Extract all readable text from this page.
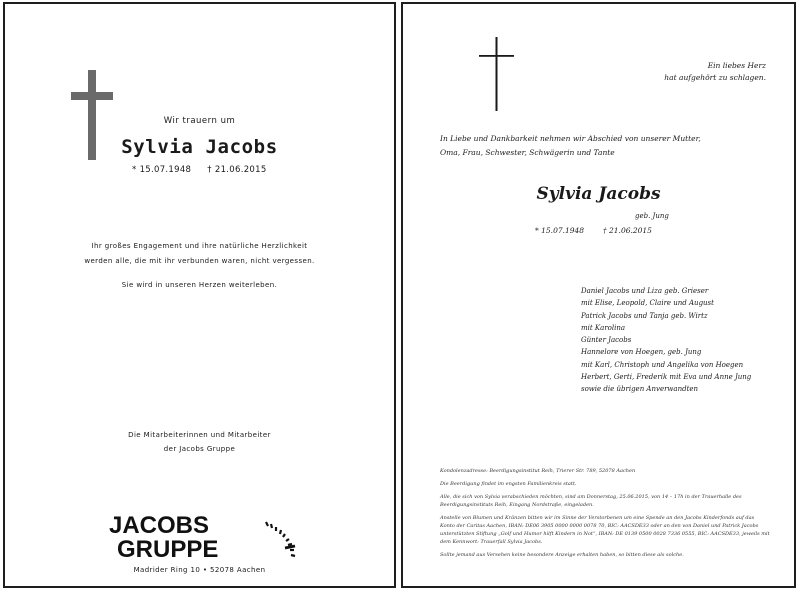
Wir trauern um
Sylvia Jacobs
* 15.07.1948 † 21.06.2015
Ihr großes Engagement und ihre natürliche Herzlichkeit
werden alle, die mit ihr verbunden waren, nicht vergessen.
Sie wird in unseren Herzen weiterleben.
Die Mitarbeiterinnen und Mitarbeiter
der Jacobs Gruppe
JACOBS
GRUPPE
Madrider Ring 10 • 52078 Aachen
Ein liebes Herz
hat aufgehört zu schlagen.
In Liebe und Dankbarkeit nehmen wir Abschied von unserer Mutter,
Oma, Frau, Schwester, Schwägerin und Tante
Sylvia Jacobs
geb. Jung
* 15.07.1948	† 21.06.2015
Daniel Jacobs und Liza geb. Grieser
mit Elise, Leopold, Claire und August
Patrick Jacobs und Tanja geb. Wirtz
mit Karolina
Günter Jacobs
Hannelore von Hoegen, geb. Jung
mit Karl, Christoph und Angelika von Hoegen
Herbert, Gerti, Frederik mit Eva und Anne Jung
sowie die übrigen Anverwandten

Kondolenzadresse: Beerdigungsinstitut Reih, Trierer Str. 789, 52078 Aachen

Die Beerdigung findet im engsten Familienkreis statt.

Alle, die sich von Sylvia verabschieden möchten, sind am Donnerstag, 25.06.2015, von 14 – 17h in der Trauerhalle des Beerdigungsinstituts Reih, Eingang Nordstraße, eingeladen.

Anstelle von Blumen und Kränzen bitten wir im Sinne der Verstorbenen um eine Spende an den Jacobs Kinderfonds auf das Konto der Caritas Aachen, IBAN: DE06 3905 0000 0000 0078 70, BIC: AACSDE33 oder an den von Daniel und Patrick Jacobs unterstützten Stiftung „Golf und Humor hilft Kindern in Not“, IBAN: DE 0139 0500 0028 7336 0555, BIC: AACSDE33, jeweils mit dem Kennwort: Trauerfall Sylvia Jacobs.

Sollte jemand aus Versehen keine besondere Anzeige erhalten haben, so bitten diese als solche.
